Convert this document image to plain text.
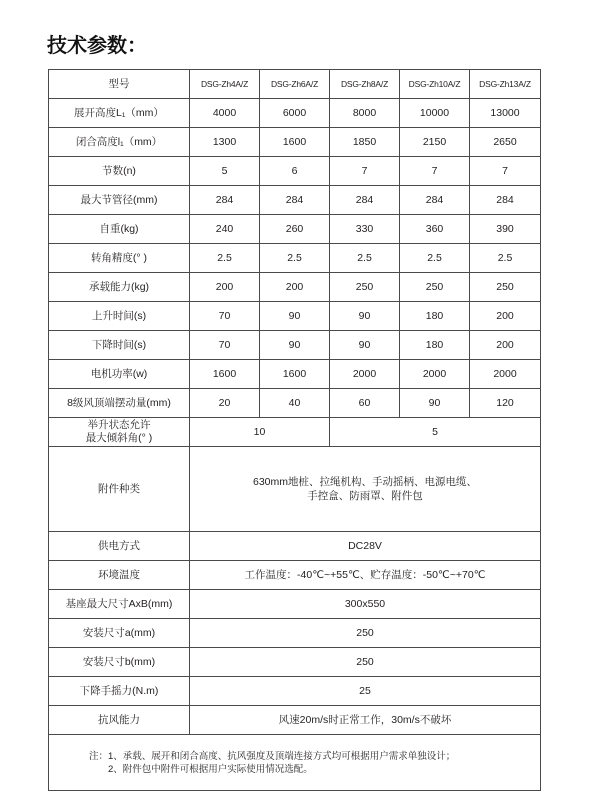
技术参数：
型号	DSG-Zh4A/Z	DSG-Zh6A/Z	DSG-Zh8A/Z	DSG-Zh10A/Z	DSG-Zh13A/Z
展开高度L₁（mm）	4000	6000	8000	10000	13000
闭合高度l₁（mm）	1300	1600	1850	2150	2650
节数(n)	5	6	7	7	7
最大节管径(mm)	284	284	284	284	284
自重(kg)	240	260	330	360	390
转角精度(° )	2.5	2.5	2.5	2.5	2.5
承载能力(kg)	200	200	250	250	250
上升时间(s)	70	90	90	180	200
下降时间(s)	70	90	90	180	200
电机功率(w)	1600	1600	2000	2000	2000
8级风顶端摆动量(mm)	20	40	60	90	120

举升状态允许
最大倾斜角(° )	10		5		
附件种类	630mm地桩、拉绳机构、手动摇柄、电源电缆、
手控盒、防雨罩、附件包				

供电方式	DC28V				
环境温度	工作温度：-40℃~+55℃、贮存温度：-50℃~+70℃				
基座最大尺寸AxB(mm)	300x550				
安装尺寸a(mm)	250				
安装尺寸b(mm)	250				
下降手摇力(N.m)	25				
抗风能力	风速20m/s时正常工作，30m/s不破坏				

注： 1、承载、展开和闭合高度、抗风强度及顶端连接方式均可根据用户需求单独设计；
2、附件包中附件可根据用户实际使用情况选配。					
